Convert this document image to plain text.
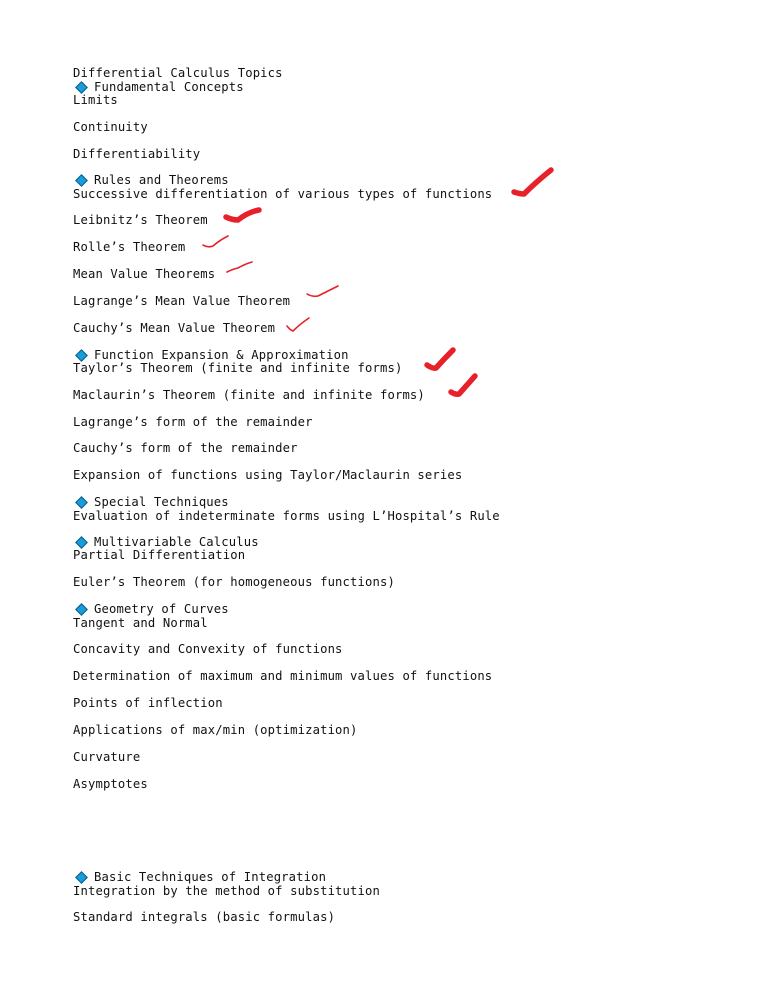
Differential Calculus Topics
Fundamental Concepts
Limits
Continuity
Differentiability
Rules and Theorems
Successive differentiation of various types of functions
Leibnitz’s Theorem
Rolle’s Theorem
Mean Value Theorems
Lagrange’s Mean Value Theorem
Cauchy’s Mean Value Theorem
Function Expansion & Approximation
Taylor’s Theorem (finite and infinite forms)
Maclaurin’s Theorem (finite and infinite forms)
Lagrange’s form of the remainder
Cauchy’s form of the remainder
Expansion of functions using Taylor/Maclaurin series
Special Techniques
Evaluation of indeterminate forms using L’Hospital’s Rule
Multivariable Calculus
Partial Differentiation
Euler’s Theorem (for homogeneous functions)
Geometry of Curves
Tangent and Normal
Concavity and Convexity of functions
Determination of maximum and minimum values of functions
Points of inflection
Applications of max/min (optimization)
Curvature
Asymptotes
Basic Techniques of Integration
Integration by the method of substitution
Standard integrals (basic formulas)
